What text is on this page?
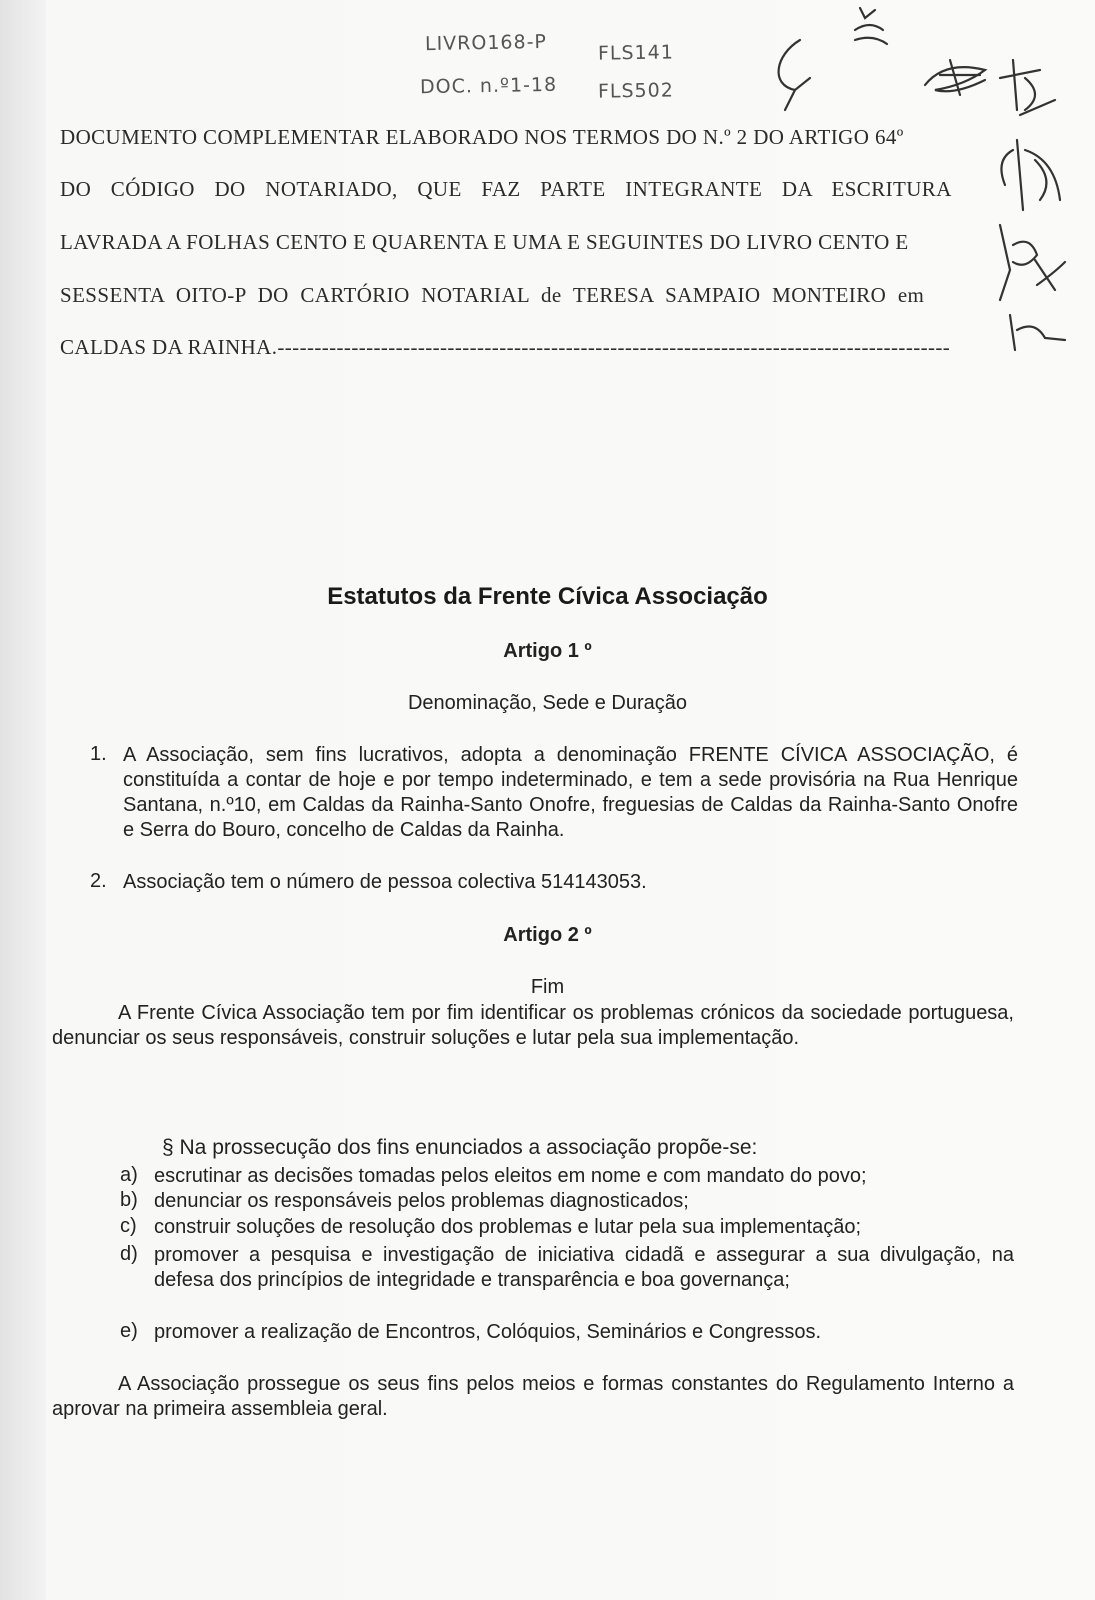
LIVRO168-P	FLS141
DOC. n.º1-18 FLS502
DOCUMENTO COMPLEMENTAR ELABORADO NOS TERMOS DO N.º 2 DO ARTIGO 64º
DO CÓDIGO DO NOTARIADO, QUE FAZ PARTE INTEGRANTE DA ESCRITURA
LAVRADA A FOLHAS CENTO E QUARENTA E UMA E SEGUINTES DO LIVRO CENTO E
SESSENTA OITO-P DO CARTÓRIO NOTARIAL de TERESA SAMPAIO MONTEIRO em
CALDAS DA RAINHA.-------------------------------------------------------------------------------------------
Estatutos da Frente Cívica Associação
Artigo 1 º
Denominação, Sede e Duração
1. A Associação, sem fins lucrativos, adopta a denominação FRENTE CÍVICA ASSOCIAÇÃO, é constituída a contar de hoje e por tempo indeterminado, e tem a sede provisória na Rua Henrique Santana, n.º10, em Caldas da Rainha-Santo Onofre, freguesias de Caldas da Rainha-Santo Onofre e Serra do Bouro, concelho de Caldas da Rainha.
2. Associação tem o número de pessoa colectiva 514143053.
Artigo 2 º
Fim
A Frente Cívica Associação tem por fim identificar os problemas crónicos da sociedade portuguesa, denunciar os seus responsáveis, construir soluções e lutar pela sua implementação.
§ Na prossecução dos fins enunciados a associação propõe-se:
a) escrutinar as decisões tomadas pelos eleitos em nome e com mandato do povo;
b) denunciar os responsáveis pelos problemas diagnosticados;
c) construir soluções de resolução dos problemas e lutar pela sua implementação;
d) promover a pesquisa e investigação de iniciativa cidadã e assegurar a sua divulgação, na defesa dos princípios de integridade e transparência e boa governança;
e) promover a realização de Encontros, Colóquios, Seminários e Congressos.
A Associação prossegue os seus fins pelos meios e formas constantes do Regulamento Interno a aprovar na primeira assembleia geral.
